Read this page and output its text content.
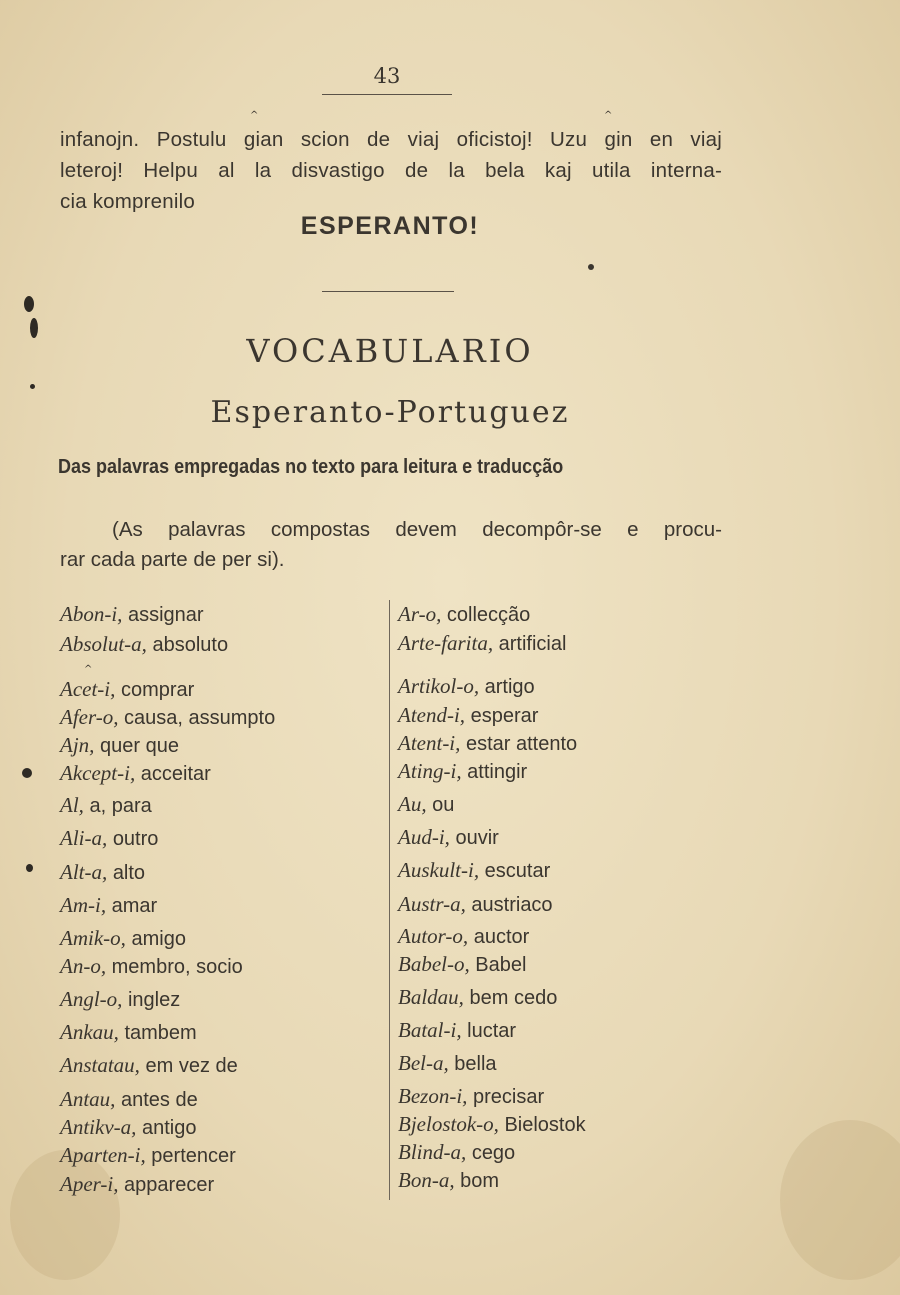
43
^	^
infanojn. Postulu gian scion de viaj oficistoj! Uzu gin en viaj
leteroj! Helpu al la disvastigo de la bela kaj utila interna-
cia komprenilo
ESPERANTO!
VOCABULARIO
Esperanto-Portuguez
Das palavras empregadas no texto para leitura e traducção
(As palavras compostas devem decompôr-se e procu-
rar cada parte de per si).
Abon-i, assignar
Absolut-a, absoluto
Acet-i, comprar
Afer-o, causa, assumpto
Ajn, quer que
Akcept-i, acceitar
Al, a, para
Ali-a, outro
Alt-a, alto
Am-i, amar
Amik-o, amigo
An-o, membro, socio
Angl-o, inglez
Ankau, tambem
Anstatau, em vez de
Antau, antes de
Antikv-a, antigo
Aparten-i, pertencer
Aper-i, apparecer
Ar-o, collecção
Arte-farita, artificial
Artikol-o, artigo
Atend-i, esperar
Atent-i, estar attento
Ating-i, attingir
Au, ou
Aud-i, ouvir
Auskult-i, escutar
Austr-a, austriaco
Autor-o, auctor
Babel-o, Babel
Baldau, bem cedo
Batal-i, luctar
Bel-a, bella
Bezon-i, precisar
Bjelostok-o, Bielostok
Blind-a, cego
Bon-a, bom
^
